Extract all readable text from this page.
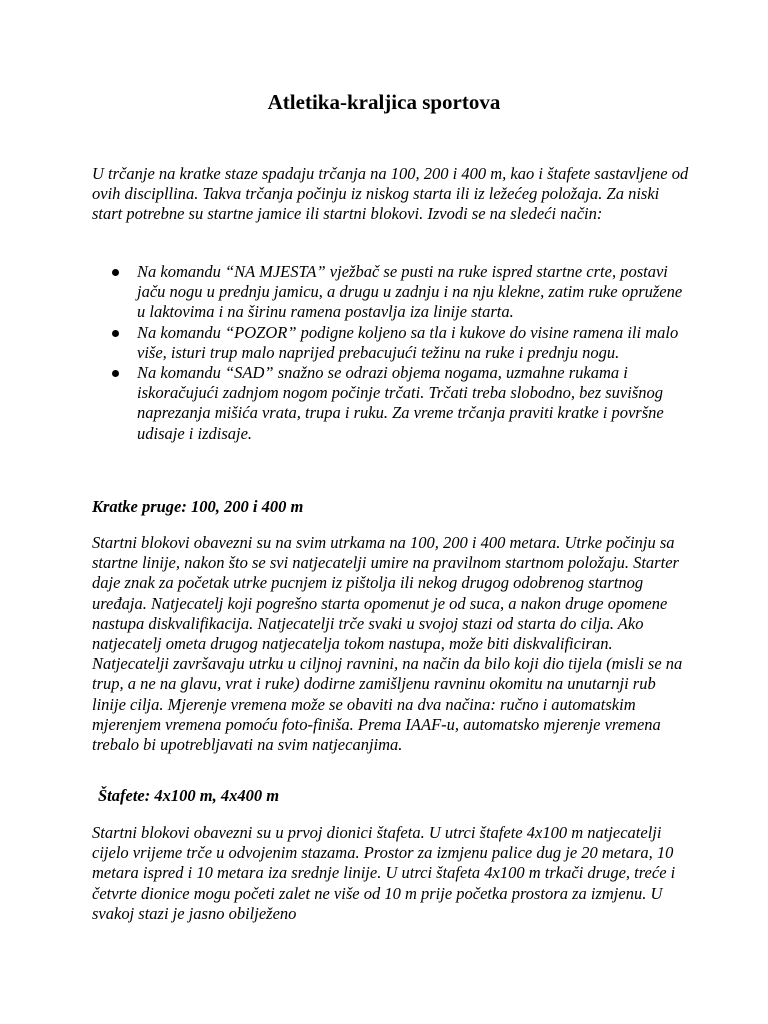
Atletika-kraljica sportova

U trčanje na kratke staze spadaju trčanja na 100, 200 i 400 m, kao i štafete sastavljene od ovih discipllina. Takva trčanja počinju iz niskog starta ili iz ležećeg položaja. Za niski start potrebne su startne jamice ili startni blokovi. Izvodi se na sledeći način:

Na komandu “NA MJESTA” vježbač se pusti na ruke ispred startne crte, postavi jaču nogu u prednju jamicu, a drugu u zadnju i na nju klekne, zatim ruke opružene u laktovima i na širinu ramena postavlja iza linije starta.
Na komandu “POZOR” podigne koljeno sa tla i kukove do visine ramena ili malo više, isturi trup malo naprijed prebacujući težinu na ruke i prednju nogu.
Na komandu “SAD” snažno se odrazi objema nogama, uzmahne rukama i iskoračujući zadnjom nogom počinje trčati. Trčati treba slobodno, bez suvišnog naprezanja mišića vrata, trupa i ruku. Za vreme trčanja praviti kratke i površne udisaje i izdisaje.
Kratke pruge: 100, 200 i 400 m

Startni blokovi obavezni su na svim utrkama na 100, 200 i 400 metara. Utrke počinju sa startne linije, nakon što se svi natjecatelji umire na pravilnom startnom položaju. Starter daje znak za početak utrke pucnjem iz pištolja ili nekog drugog odobrenog startnog uređaja. Natjecatelj koji pogrešno starta opomenut je od suca, a nakon druge opomene nastupa diskvalifikacija. Natjecatelji trče svaki u svojoj stazi od starta do cilja. Ako natjecatelj ometa drugog natjecatelja tokom nastupa, može biti diskvalificiran. Natjecatelji završavaju utrku u ciljnoj ravnini, na način da bilo koji dio tijela (misli se na trup, a ne na glavu, vrat i ruke) dodirne zamišljenu ravninu okomitu na unutarnji rub linije cilja. Mjerenje vremena može se obaviti na dva načina: ručno i automatskim mjerenjem vremena pomoću foto-finiša. Prema IAAF-u, automatsko mjerenje vremena trebalo bi upotrebljavati na svim natjecanjima.

Štafete: 4x100 m, 4x400 m

Startni blokovi obavezni su u prvoj dionici štafeta. U utrci štafete 4x100 m natjecatelji cijelo vrijeme trče u odvojenim stazama. Prostor za izmjenu palice dug je 20 metara, 10 metara ispred i 10 metara iza srednje linije. U utrci štafeta 4x100 m trkači druge, treće i četvrte dionice mogu početi zalet ne više od 10 m prije početka prostora za izmjenu. U svakoj stazi je jasno obilježeno
